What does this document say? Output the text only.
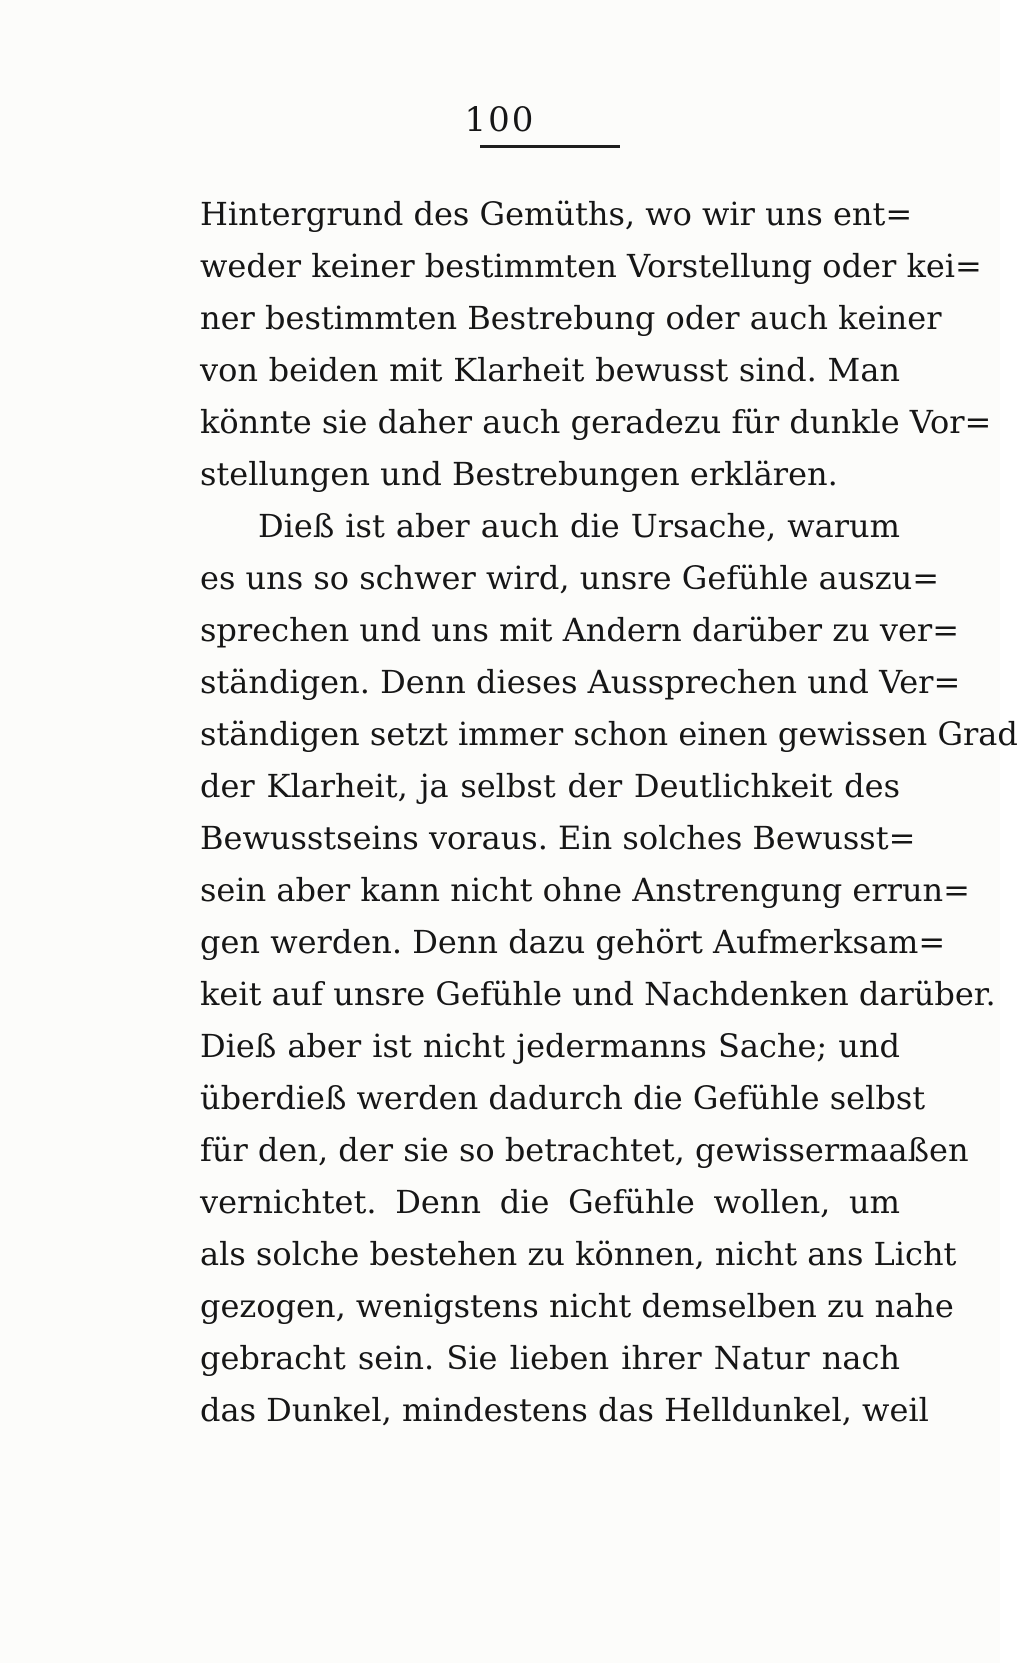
100
Hintergrund des Gemüths, wo wir uns ent=
weder keiner bestimmten Vorstellung oder kei=
ner bestimmten Bestrebung oder auch keiner
von beiden mit Klarheit bewusst sind. Man
könnte sie daher auch geradezu für dunkle Vor=
stellungen und Bestrebungen erklären.
Dieß ist aber auch die Ursache, warum
es uns so schwer wird, unsre Gefühle auszu=
sprechen und uns mit Andern darüber zu ver=
ständigen. Denn dieses Aussprechen und Ver=
ständigen setzt immer schon einen gewissen Grad
der Klarheit, ja selbst der Deutlichkeit des
Bewusstseins voraus. Ein solches Bewusst=
sein aber kann nicht ohne Anstrengung errun=
gen werden. Denn dazu gehört Aufmerksam=
keit auf unsre Gefühle und Nachdenken darüber.
Dieß aber ist nicht jedermanns Sache; und
überdieß werden dadurch die Gefühle selbst
für den, der sie so betrachtet, gewissermaaßen
vernichtet. Denn die Gefühle wollen, um
als solche bestehen zu können, nicht ans Licht
gezogen, wenigstens nicht demselben zu nahe
gebracht sein. Sie lieben ihrer Natur nach
das Dunkel, mindestens das Helldunkel, weil
